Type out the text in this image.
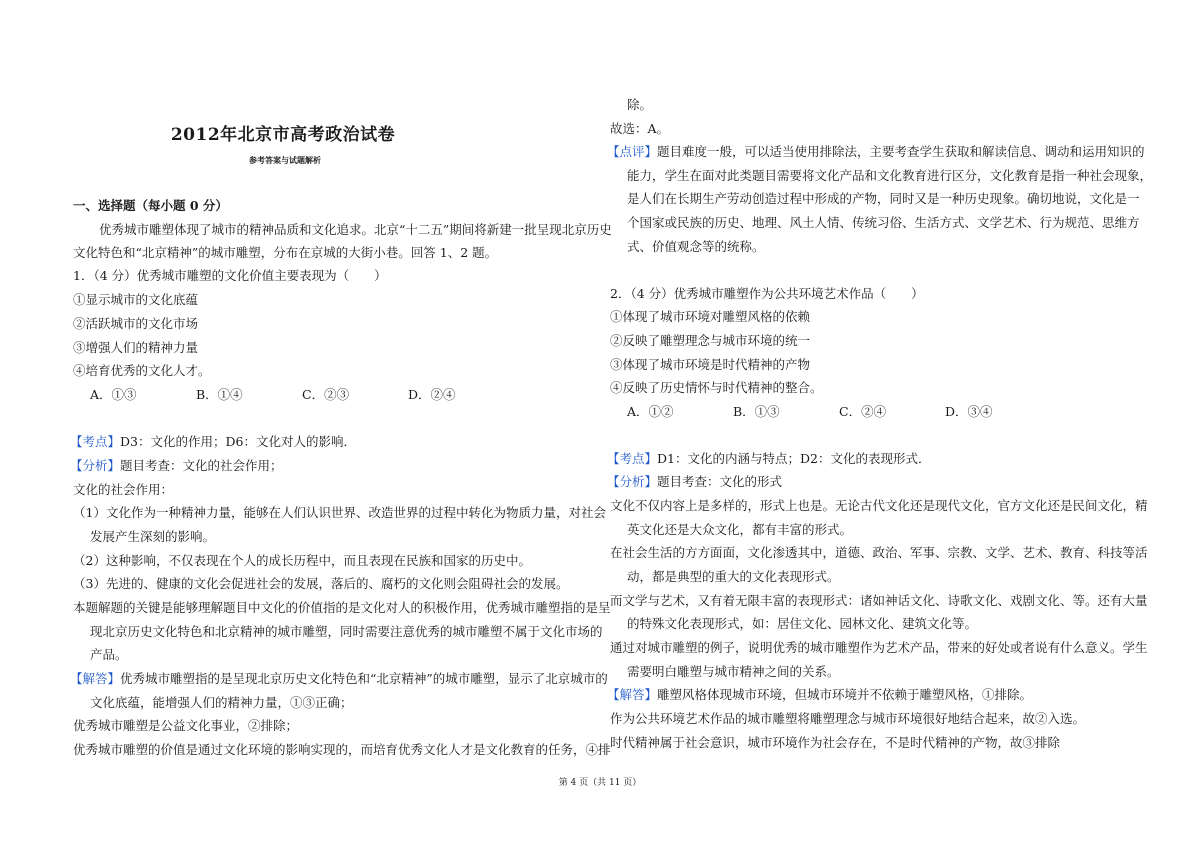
2012年北京市高考政治试卷
参考答案与试题解析
一、选择题（每小题 0 分）
优秀城市雕塑体现了城市的精神品质和文化追求。北京“十二五”期间将新建一批呈现北京历史
文化特色和“北京精神”的城市雕塑，分布在京城的大街小巷。回答 1、2 题。
1．（4 分）优秀城市雕塑的文化价值主要表现为（　　）
①显示城市的文化底蕴
②活跃城市的文化市场
③增强人们的精神力量
④培育优秀的文化人才。
A．①③	B．①④	C．②③	D．②④
【考点】D3：文化的作用；D6：文化对人的影响．
【分析】题目考查：文化的社会作用；
文化的社会作用：
（1）文化作为一种精神力量，能够在人们认识世界、改造世界的过程中转化为物质力量，对社会
发展产生深刻的影响。
（2）这种影响，不仅表现在个人的成长历程中，而且表现在民族和国家的历史中。
（3）先进的、健康的文化会促进社会的发展，落后的、腐朽的文化则会阻碍社会的发展。
本题解题的关键是能够理解题目中文化的价值指的是文化对人的积极作用，优秀城市雕塑指的是呈
现北京历史文化特色和北京精神的城市雕塑，同时需要注意优秀的城市雕塑不属于文化市场的
产品。
【解答】优秀城市雕塑指的是呈现北京历史文化特色和“北京精神”的城市雕塑，显示了北京城市的
文化底蕴，能增强人们的精神力量，①③正确；
优秀城市雕塑是公益文化事业，②排除；
优秀城市雕塑的价值是通过文化环境的影响实现的，而培育优秀文化人才是文化教育的任务，④排
除。
故选：A。
【点评】题目难度一般，可以适当使用排除法，主要考查学生获取和解读信息、调动和运用知识的
能力，学生在面对此类题目需要将文化产品和文化教育进行区分，文化教育是指一种社会现象，
是人们在长期生产劳动创造过程中形成的产物，同时又是一种历史现象。确切地说，文化是一
个国家或民族的历史、地理、风土人情、传统习俗、生活方式、文学艺术、行为规范、思维方
式、价值观念等的统称。
2．（4 分）优秀城市雕塑作为公共环境艺术作品（　　）
①体现了城市环境对雕塑风格的依赖
②反映了雕塑理念与城市环境的统一
③体现了城市环境是时代精神的产物
④反映了历史情怀与时代精神的整合。
A．①②	B．①③	C．②④	D．③④
【考点】D1：文化的内涵与特点；D2：文化的表现形式．
【分析】题目考查：文化的形式
文化不仅内容上是多样的，形式上也是。无论古代文化还是现代文化，官方文化还是民间文化，精
英文化还是大众文化，都有丰富的形式。
在社会生活的方方面面，文化渗透其中，道德、政治、军事、宗教、文学、艺术、教育、科技等活
动，都是典型的重大的文化表现形式。
而文学与艺术，又有着无限丰富的表现形式：诸如神话文化、诗歌文化、戏剧文化、等。还有大量
的特殊文化表现形式，如：居住文化、园林文化、建筑文化等。
通过对城市雕塑的例子，说明优秀的城市雕塑作为艺术产品，带来的好处或者说有什么意义。学生
需要明白雕塑与城市精神之间的关系。
【解答】雕塑风格体现城市环境，但城市环境并不依赖于雕塑风格，①排除。
作为公共环境艺术作品的城市雕塑将雕塑理念与城市环境很好地结合起来，故②入选。
时代精神属于社会意识，城市环境作为社会存在，不是时代精神的产物，故③排除
第 4 页（共 11 页）
